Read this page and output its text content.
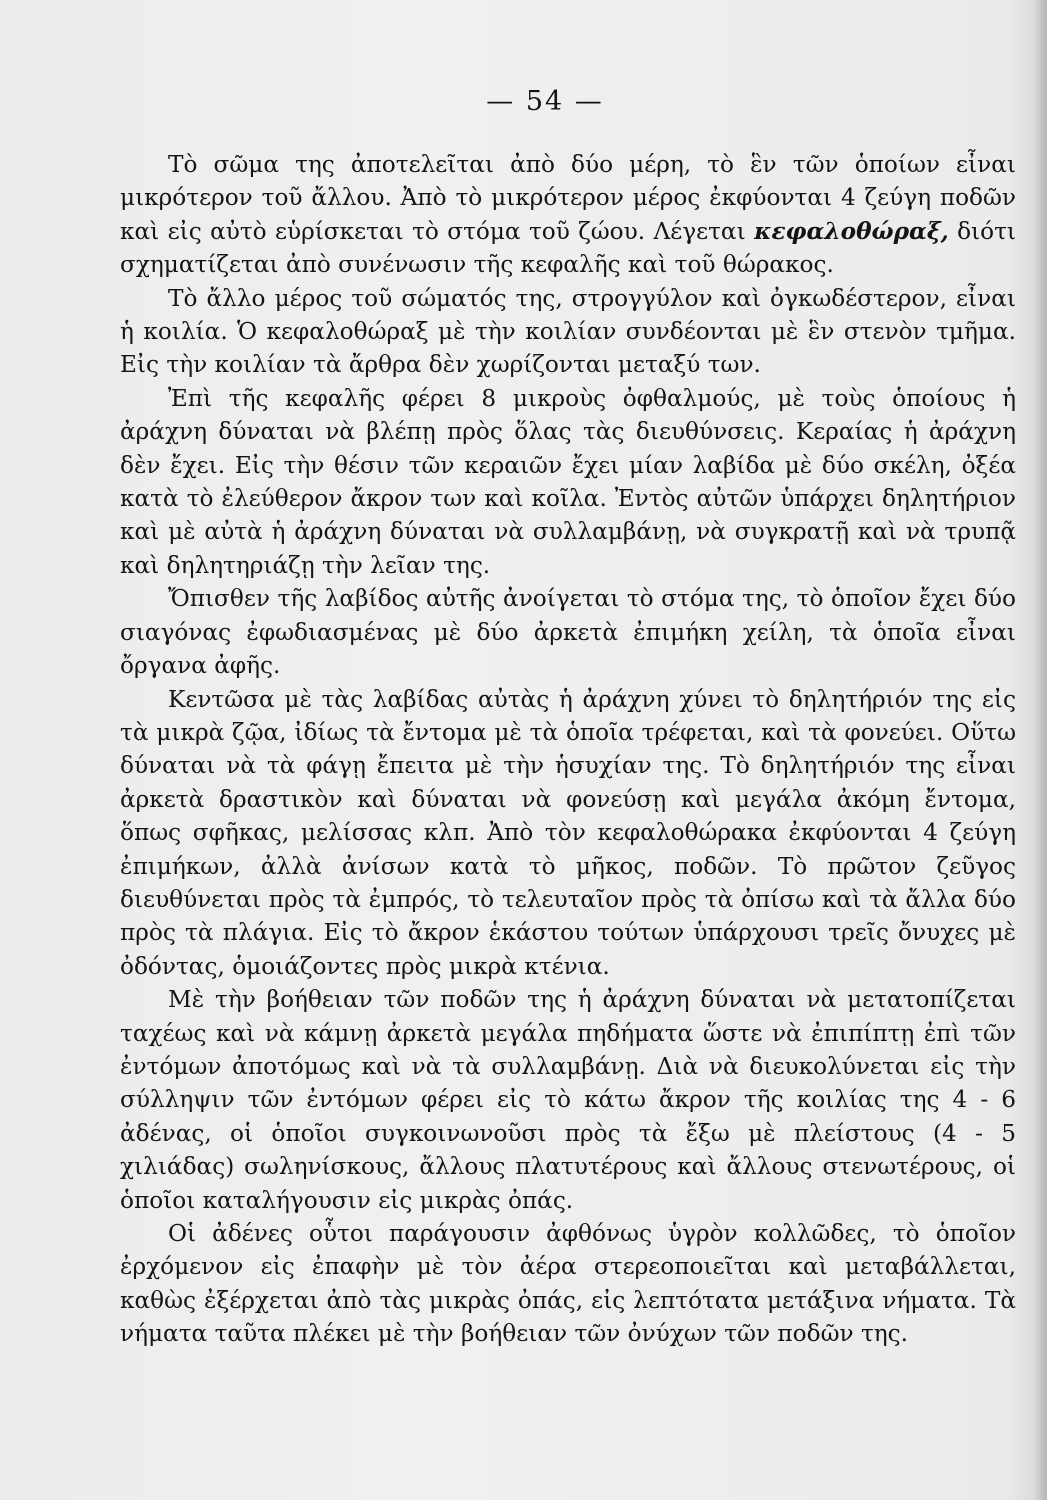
— 54 —

Τὸ σῶμα της ἀποτελεῖται ἀπὸ δύο μέρη, τὸ ἓν τῶν ὁποίων εἶναι μικρότερον τοῦ ἄλλου. Ἀπὸ τὸ μικρότερον μέρος ἐκφύονται 4 ζεύγη ποδῶν καὶ εἰς αὐτὸ εὑρίσκεται τὸ στόμα τοῦ ζώου. Λέγεται κεφαλοθώραξ, διότι σχηματίζεται ἀπὸ συνένωσιν τῆς κεφαλῆς καὶ τοῦ θώρακος.

Τὸ ἄλλο μέρος τοῦ σώματός της, στρογγύλον καὶ ὀγκωδέστερον, εἶναι ἡ κοιλία. Ὁ κεφαλοθώραξ μὲ τὴν κοιλίαν συνδέονται μὲ ἓν στενὸν τμῆμα. Εἰς τὴν κοιλίαν τὰ ἄρθρα δὲν χωρίζονται μεταξύ των.

Ἐπὶ τῆς κεφαλῆς φέρει 8 μικροὺς ὀφθαλμούς, μὲ τοὺς ὁποίους ἡ ἀράχνη δύναται νὰ βλέπῃ πρὸς ὅλας τὰς διευθύνσεις. Κεραίας ἡ ἀράχνη δὲν ἔχει. Εἰς τὴν θέσιν τῶν κεραιῶν ἔχει μίαν λαβίδα μὲ δύο σκέλη, ὀξέα κατὰ τὸ ἐλεύθερον ἄκρον των καὶ κοῖλα. Ἐντὸς αὐτῶν ὑπάρχει δηλητήριον καὶ μὲ αὐτὰ ἡ ἀράχνη δύναται νὰ συλλαμβάνῃ, νὰ συγκρατῇ καὶ νὰ τρυπᾷ καὶ δηλητηριάζῃ τὴν λεῖαν της.

Ὄπισθεν τῆς λαβίδος αὐτῆς ἀνοίγεται τὸ στόμα της, τὸ ὁποῖον ἔχει δύο σιαγόνας ἐφωδιασμένας μὲ δύο ἀρκετὰ ἐπιμήκη χείλη, τὰ ὁποῖα εἶναι ὄργανα ἀφῆς.

Κεντῶσα μὲ τὰς λαβίδας αὐτὰς ἡ ἀράχνη χύνει τὸ δηλητήριόν της εἰς τὰ μικρὰ ζῷα, ἰδίως τὰ ἔντομα μὲ τὰ ὁποῖα τρέφεται, καὶ τὰ φονεύει. Οὕτω δύναται νὰ τὰ φάγῃ ἔπειτα μὲ τὴν ἡσυχίαν της. Τὸ δηλητήριόν της εἶναι ἀρκετὰ δραστικὸν καὶ δύναται νὰ φονεύσῃ καὶ μεγάλα ἀκόμη ἔντομα, ὅπως σφῆκας, μελίσσας κλπ. Ἀπὸ τὸν κεφαλοθώρακα ἐκφύονται 4 ζεύγη ἐπιμήκων, ἀλλὰ ἀνίσων κατὰ τὸ μῆκος, ποδῶν. Τὸ πρῶτον ζεῦγος διευθύνεται πρὸς τὰ ἐμπρός, τὸ τελευταῖον πρὸς τὰ ὀπίσω καὶ τὰ ἄλλα δύο πρὸς τὰ πλάγια. Εἰς τὸ ἄκρον ἑκάστου τούτων ὑπάρχουσι τρεῖς ὄνυχες μὲ ὀδόντας, ὁμοιάζοντες πρὸς μικρὰ κτένια.

Μὲ τὴν βοήθειαν τῶν ποδῶν της ἡ ἀράχνη δύναται νὰ μετατοπίζεται ταχέως καὶ νὰ κάμνῃ ἀρκετὰ μεγάλα πηδήματα ὥστε νὰ ἐπιπίπτῃ ἐπὶ τῶν ἐντόμων ἀποτόμως καὶ νὰ τὰ συλλαμβάνῃ. Διὰ νὰ διευκολύνεται εἰς τὴν σύλληψιν τῶν ἐντόμων φέρει εἰς τὸ κάτω ἄκρον τῆς κοιλίας της 4 - 6 ἀδένας, οἱ ὁποῖοι συγκοινωνοῦσι πρὸς τὰ ἔξω μὲ πλείστους (4 - 5 χιλιάδας) σωληνίσκους, ἄλλους πλατυτέρους καὶ ἄλλους στενωτέρους, οἱ ὁποῖοι καταλήγουσιν εἰς μικρὰς ὀπάς.

Οἱ ἀδένες οὗτοι παράγουσιν ἀφθόνως ὑγρὸν κολλῶδες, τὸ ὁποῖον ἐρχόμενον εἰς ἐπαφὴν μὲ τὸν ἀέρα στερεοποιεῖται καὶ μεταβάλλεται, καθὼς ἐξέρχεται ἀπὸ τὰς μικρὰς ὀπάς, εἰς λεπτότατα μετάξινα νήματα. Τὰ νήματα ταῦτα πλέκει μὲ τὴν βοήθειαν τῶν ὀνύχων τῶν ποδῶν της.
